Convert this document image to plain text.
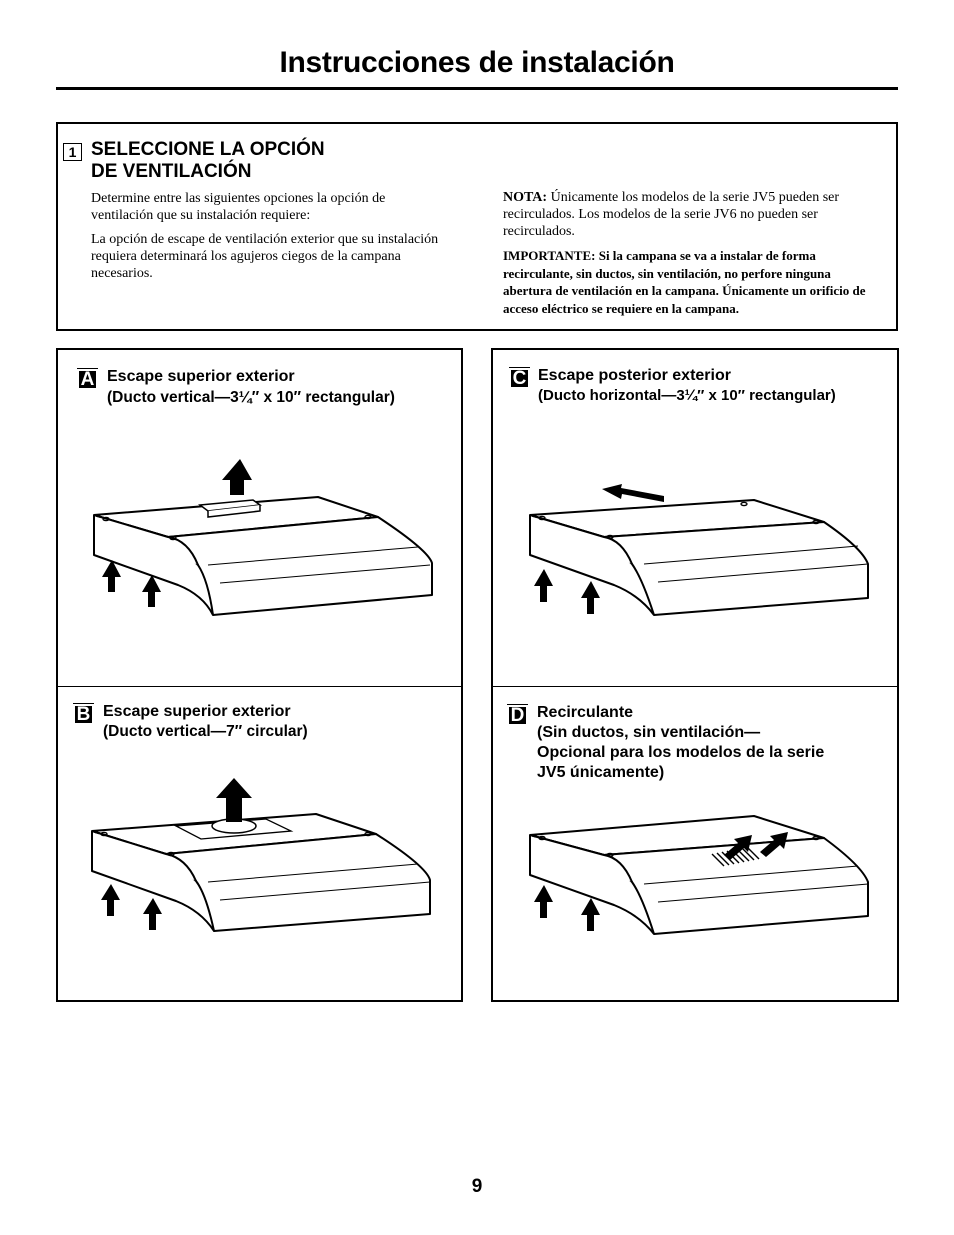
Instrucciones de instalación
1 SELECCIONE LA OPCIÓN
DE VENTILACIÓN
Determine entre las siguientes opciones la opción de ventilación que su instalación requiere:
La opción de escape de ventilación exterior que su instalación requiera determinará los agujeros ciegos de la campana necesarios.
NOTA: Únicamente los modelos de la serie JV5 pueden ser recirculados. Los modelos de la serie JV6 no pueden ser recirculados.
IMPORTANTE: Si la campana se va a instalar de forma recirculante, sin ductos, sin ventilación, no perfore ninguna abertura de ventilación en la campana. Únicamente un orificio de acceso eléctrico se requiere en la campana.
A Escape superior exterior
(Ducto vertical—3¼″ x 10″ rectangular)
B Escape superior exterior
(Ducto vertical—7″ circular)
C Escape posterior exterior
(Ducto horizontal—3¼″ x 10″ rectangular)
D Recirculante
(Sin ductos, sin ventilación—
Opcional para los modelos de la serie
JV5 únicamente)
9
